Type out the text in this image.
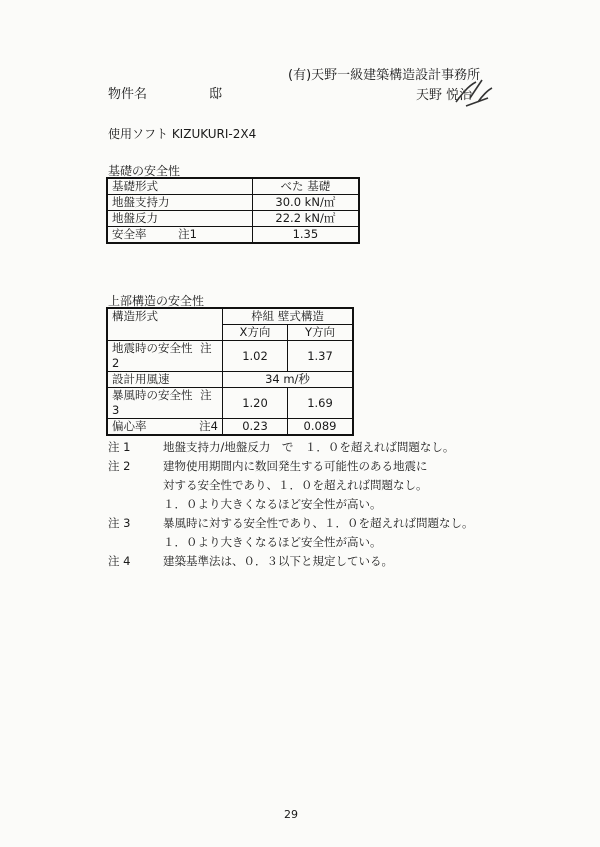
(有)天野一級建築構造設計事務所
物件名	邸	天野 悦治
使用ソフト KIZUKURI-2X4
基礎の安全性
基礎形式	べた 基礎
地盤支持力	30.0 kN/㎡
地盤反力	22.2 kN/㎡
安全率 注1	1.35
上部構造の安全性
構造形式	枠組 壁式構造	
	X方向	Y方向
地震時の安全性 注2	1.02	1.37
設計用風速	34 m/秒	
暴風時の安全性 注3	1.20	1.69
偏心率 注4	0.23	0.089
注 1	地盤支持力/地盤反力　で　１．０を超えれば問題なし。
注 2	建物使用期間内に数回発生する可能性のある地震に
対する安全性であり、１．０を超えれば問題なし。
１．０より大きくなるほど安全性が高い。
注 3	暴風時に対する安全性であり、１．０を超えれば問題なし。
１．０より大きくなるほど安全性が高い。
注 4	建築基準法は、０．３以下と規定している。
29
